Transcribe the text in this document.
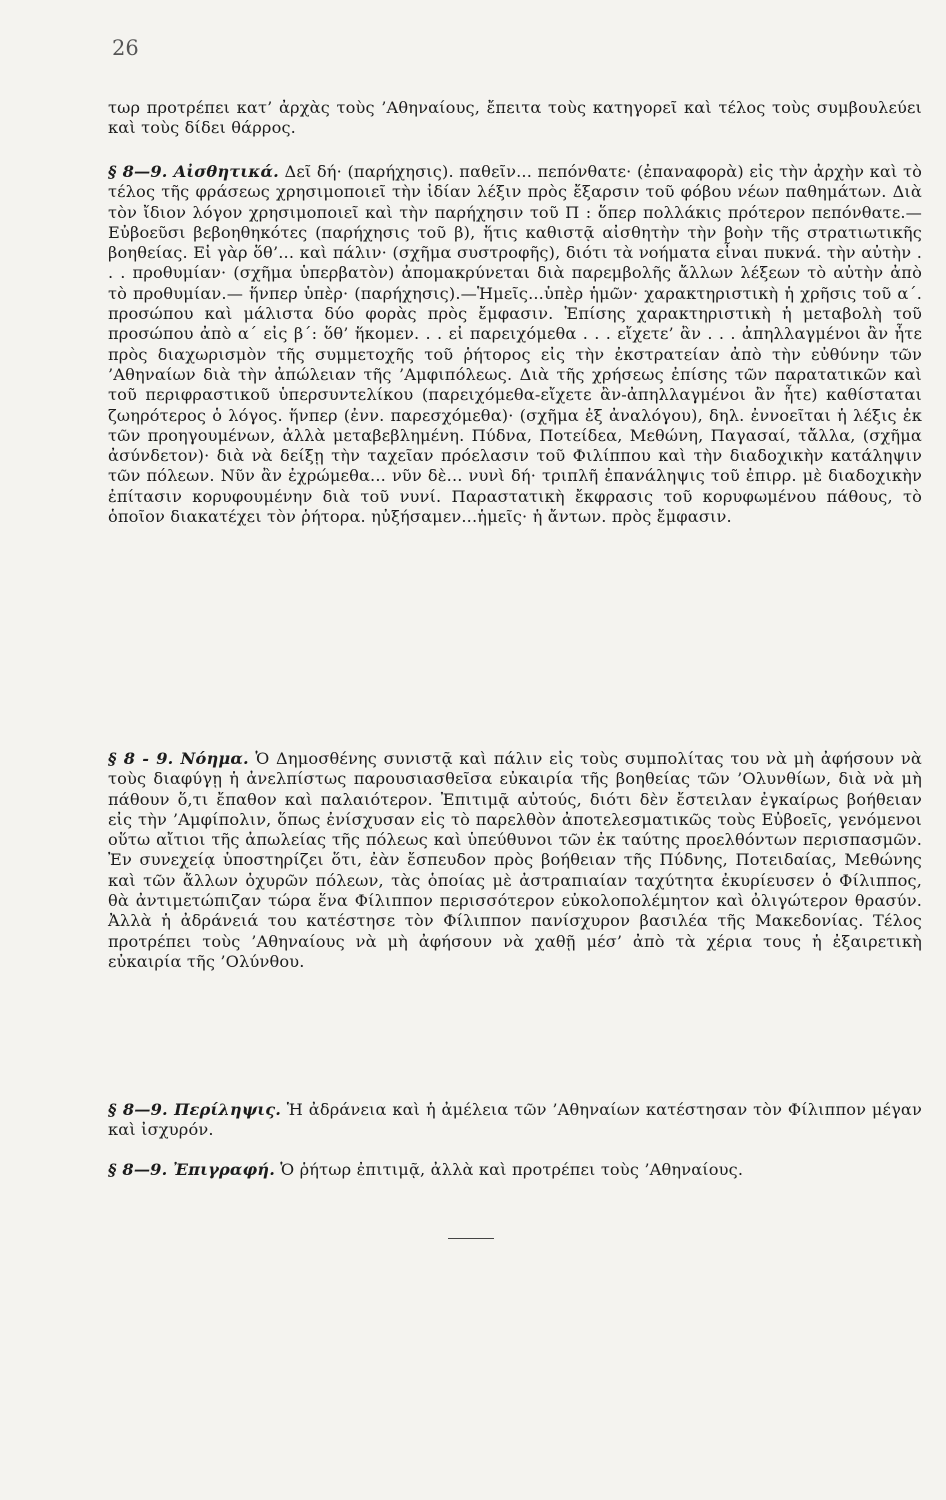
26

τωρ προτρέπει κατ’ ἀρχὰς τοὺς ’Αθηναίους, ἔπειτα τοὺς κατηγορεῖ καὶ τέλος τοὺς συμβουλεύει καὶ τοὺς δίδει θάρρος.

§ 8—9. Αἰσθητικά. Δεῖ δή· (παρήχησις). παθεῖν... πεπόνθατε· (ἐπαναφορὰ) εἰς τὴν ἀρχὴν καὶ τὸ τέλος τῆς φράσεως χρησιμοποιεῖ τὴν ἰδίαν λέξιν πρὸς ἔξαρσιν τοῦ φόβου νέων παθημάτων. Διὰ τὸν ἴδιον λόγον χρησιμοποιεῖ καὶ τὴν παρήχησιν τοῦ Π : ὅπερ πολλάκις πρότερον πεπόνθατε.— Εὐβοεῦσι βεβοηθηκότες (παρήχησις τοῦ β), ἥτις καθιστᾷ αἰσθητὴν τὴν βοὴν τῆς στρατιωτικῆς βοηθείας. Εἰ γὰρ ὅθ’... καὶ πάλιν· (σχῆμα συστροφῆς), διότι τὰ νοήματα εἶναι πυκνά. τὴν αὐτὴν . . . προθυμίαν· (σχῆμα ὑπερβατὸν) ἀπομακρύνεται διὰ παρεμβολῆς ἄλλων λέξεων τὸ αὐτὴν ἀπὸ τὸ προθυμίαν.— ἥνπερ ὑπὲρ· (παρήχησις).—Ἡμεῖς...ὑπὲρ ἡμῶν· χαρακτηριστικὴ ἡ χρῆσις τοῦ α΄. προσώπου καὶ μάλιστα δύο φορὰς πρὸς ἔμφασιν. Ἐπίσης χαρακτηριστικὴ ἡ μεταβολὴ τοῦ προσώπου ἀπὸ α΄ εἰς β΄: ὅθ’ ἥκομεν. . . εἰ παρειχόμεθα . . . εἴχετε’ ἂν . . . ἀπηλλαγμένοι ἂν ἦτε πρὸς διαχωρισμὸν τῆς συμμετοχῆς τοῦ ῥήτορος εἰς τὴν ἐκστρατείαν ἀπὸ τὴν εὐθύνην τῶν ’Αθηναίων διὰ τὴν ἀπώλειαν τῆς ’Αμφιπόλεως. Διὰ τῆς χρήσεως ἐπίσης τῶν παρατατικῶν καὶ τοῦ περιφραστικοῦ ὑπερσυντελίκου (παρειχόμεθα-εἴχετε ἂν-ἀπηλλαγμένοι ἂν ἦτε) καθίσταται ζωηρότερος ὁ λόγος. ἥνπερ (ἐνν. παρεσχόμεθα)· (σχῆμα ἐξ ἀναλόγου), δηλ. ἐννοεῖται ἡ λέξις ἐκ τῶν προηγουμένων, ἀλλὰ μεταβεβλημένη. Πύδνα, Ποτείδεα, Μεθώνη, Παγασαί, τἄλλα, (σχῆμα ἀσύνδετον)· διὰ νὰ δείξῃ τὴν ταχεῖαν πρόελασιν τοῦ Φιλίππου καὶ τὴν διαδοχικὴν κατάληψιν τῶν πόλεων. Νῦν ἂν ἐχρώμεθα... νῦν δὲ... νυνὶ δή· τριπλῆ ἐπανάληψις τοῦ ἐπιρρ. μὲ διαδοχικὴν ἐπίτασιν κορυφουμένην διὰ τοῦ νυνί. Παραστατικὴ ἔκφρασις τοῦ κορυφωμένου πάθους, τὸ ὁποῖον διακατέχει τὸν ῥήτορα. ηὐξήσαμεν...ἡμεῖς· ἡ ἄντων. πρὸς ἔμφασιν.

§ 8 - 9. Νόημα. Ὁ Δημοσθένης συνιστᾷ καὶ πάλιν εἰς τοὺς συμπολίτας του νὰ μὴ ἀφήσουν νὰ τοὺς διαφύγῃ ἡ ἀνελπίστως παρουσιασθεῖσα εὐκαιρία τῆς βοηθείας τῶν ’Ολυνθίων, διὰ νὰ μὴ πάθουν ὅ,τι ἔπαθον καὶ παλαιότερον. Ἐπιτιμᾷ αὐτούς, διότι δὲν ἔστειλαν ἐγκαίρως βοήθειαν εἰς τὴν ’Αμφίπολιν, ὅπως ἐνίσχυσαν εἰς τὸ παρελθὸν ἀποτελεσματικῶς τοὺς Εὐβοεῖς, γενόμενοι οὕτω αἴτιοι τῆς ἀπωλείας τῆς πόλεως καὶ ὑπεύθυνοι τῶν ἐκ ταύτης προελθόντων περισπασμῶν. Ἐν συνεχείᾳ ὑποστηρίζει ὅτι, ἐὰν ἔσπευδον πρὸς βοήθειαν τῆς Πύδνης, Ποτειδαίας, Μεθώνης καὶ τῶν ἄλλων ὀχυρῶν πόλεων, τὰς ὁποίας μὲ ἀστραπιαίαν ταχύτητα ἐκυρίευσεν ὁ Φίλιππος, θὰ ἀντιμετώπιζαν τώρα ἕνα Φίλιππον περισσότερον εὐκολοπολέμητον καὶ ὀλιγώτερον θρασύν. Ἀλλὰ ἡ ἀδράνειά του κατέστησε τὸν Φίλιππον πανίσχυρον βασιλέα τῆς Μακεδονίας. Τέλος προτρέπει τοὺς ’Αθηναίους νὰ μὴ ἀφήσουν νὰ χαθῇ μέσ’ ἀπὸ τὰ χέρια τους ἡ ἐξαιρετικὴ εὐκαιρία τῆς ’Ολύνθου.

§ 8—9. Περίληψις. Ἡ ἀδράνεια καὶ ἡ ἀμέλεια τῶν ’Αθηναίων κατέστησαν τὸν Φίλιππον μέγαν καὶ ἰσχυρόν.

§ 8—9. Ἐπιγραφή. Ὁ ῥήτωρ ἐπιτιμᾷ, ἀλλὰ καὶ προτρέπει τοὺς ’Αθηναίους.
